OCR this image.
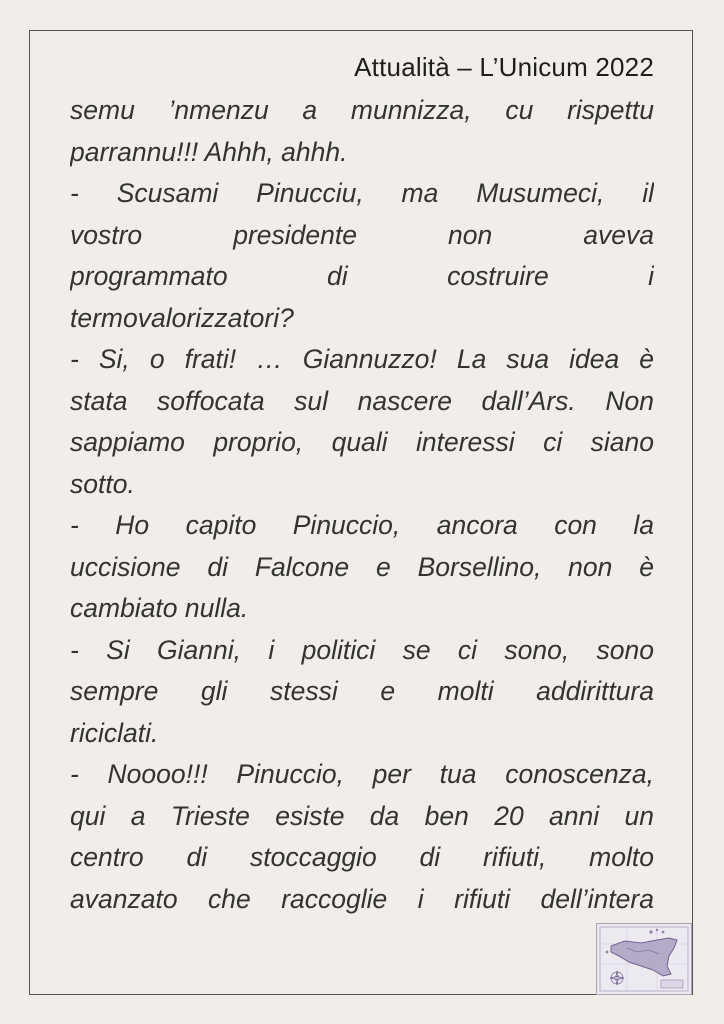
Attualità – L’Unicum 2022
semu ’nmenzu a munnizza, cu rispettu
parrannu!!! Ahhh, ahhh.
- Scusami Pinucciu, ma Musumeci, il
vostro presidente non aveva
programmato di costruire i
termovalorizzatori?
- Si, o frati! … Giannuzzo! La sua idea è
stata soffocata sul nascere dall’Ars. Non
sappiamo proprio, quali interessi ci siano
sotto.
- Ho capito Pinuccio, ancora con la
uccisione di Falcone e Borsellino, non è
cambiato nulla.
- Si Gianni, i politici se ci sono, sono
sempre gli stessi e molti addirittura
riciclati.
- Noooo!!! Pinuccio, per tua conoscenza,
qui a Trieste esiste da ben 20 anni un
centro di stoccaggio di rifiuti, molto
avanzato che raccoglie i rifiuti dell’intera
